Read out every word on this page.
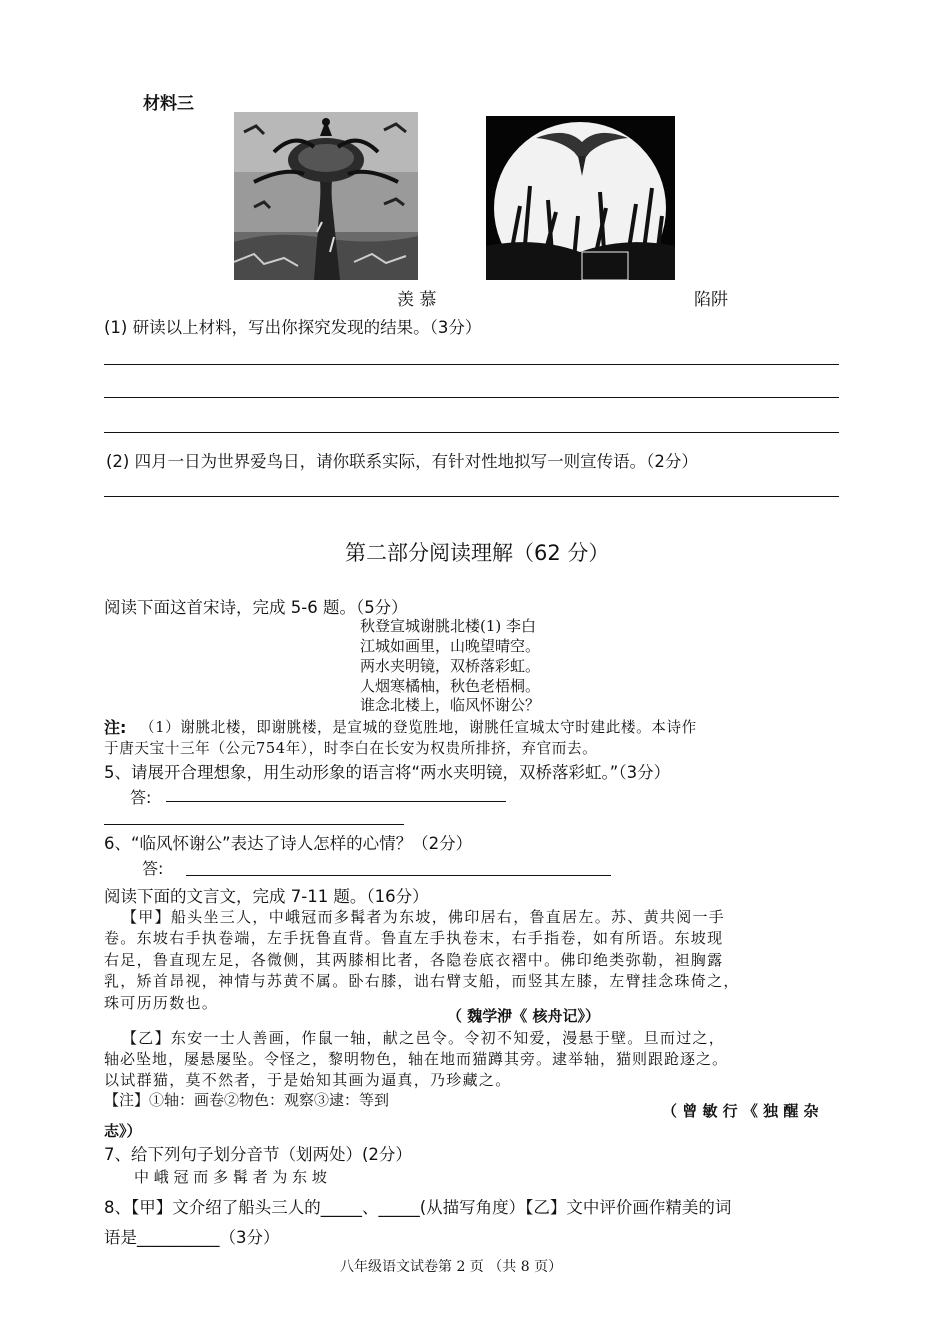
材料三
羡 慕	陷阱
(1) 研读以上材料，写出你探究发现的结果。（3分）
(2) 四月一日为世界爱鸟日，请你联系实际，有针对性地拟写一则宣传语。（2分）
第二部分阅读理解（62 分）
阅读下面这首宋诗，完成 5-6 题。（5分）
秋登宣城谢朓北楼(1) 李白
江城如画里，山晚望晴空。
两水夹明镜，双桥落彩虹。
人烟寒橘柚，秋色老梧桐。
谁念北楼上，临风怀谢公？
注: （1）谢朓北楼，即谢朓楼，是宣城的登览胜地，谢朓任宣城太守时建此楼。本诗作
于唐天宝十三年（公元754年），时李白在长安为权贵所排挤，弃官而去。
5、请展开合理想象，用生动形象的语言将“两水夹明镜，双桥落彩虹。”（3分）
答:
6、“临风怀谢公”表达了诗人怎样的心情？（2分）
答:
阅读下面的文言文，完成 7-11 题。（16分）
【甲】船头坐三人，中峨冠而多髯者为东坡，佛印居右，鲁直居左。苏、黄共阅一手
卷。东坡右手执卷端，左手抚鲁直背。鲁直左手执卷末，右手指卷，如有所语。东坡现
右足，鲁直现左足，各微侧，其两膝相比者，各隐卷底衣褶中。佛印绝类弥勒，袒胸露
乳，矫首昂视，神情与苏黄不属。卧右膝，诎右臂支船，而竖其左膝，左臂挂念珠倚之，
珠可历历数也。
（ 魏学洢《 核舟记》）
【乙】东安一士人善画，作鼠一轴，献之邑令。令初不知爱，漫悬于壁。旦而过之，
轴必坠地，屡悬屡坠。令怪之，黎明物色，轴在地而猫蹲其旁。逮举轴，猫则跟跄逐之。
以试群猫，莫不然者，于是始知其画为逼真，乃珍藏之。
【注】①轴：画卷②物色：观察③逮：等到
（ 曾 敏 行 《 独 醒 杂
志》）
7、给下列句子划分音节（划两处）(2分）
中 峨 冠 而 多 髯 者 为 东 坡
8、【甲】文介绍了船头三人的_____、_____(从描写角度）【乙】文中评价画作精美的词
语是__________（3分）
八年级语文试卷第 2 页 （共 8 页）
